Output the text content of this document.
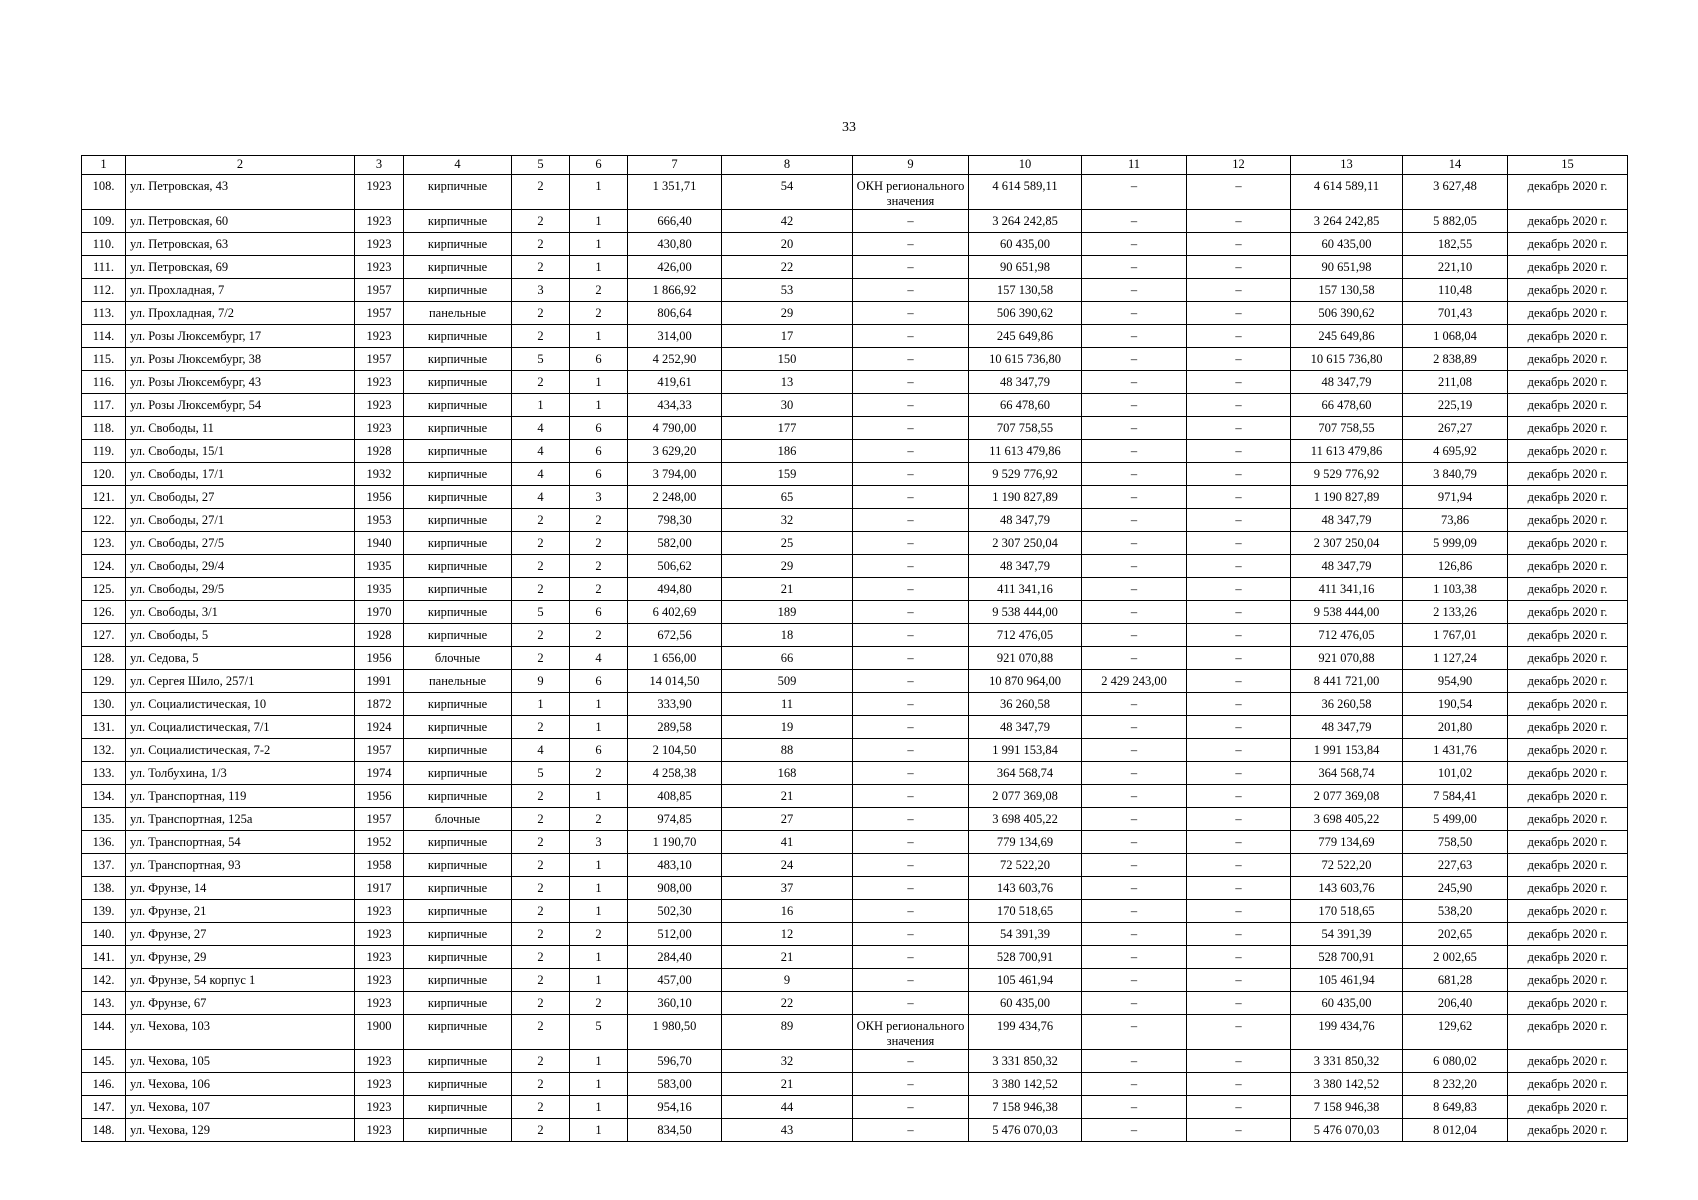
33
1	2	3	4	5	6	7	8	9	10	11	12	13	14	15
108.	ул. Петровская, 43	1923	кирпичные	2	1	1 351,71	54	ОКН регионального значения	4 614 589,11	–	–	4 614 589,11	3 627,48	декабрь 2020 г.
109.	ул. Петровская, 60	1923	кирпичные	2	1	666,40	42	–	3 264 242,85	–	–	3 264 242,85	5 882,05	декабрь 2020 г.
110.	ул. Петровская, 63	1923	кирпичные	2	1	430,80	20	–	60 435,00	–	–	60 435,00	182,55	декабрь 2020 г.
111.	ул. Петровская, 69	1923	кирпичные	2	1	426,00	22	–	90 651,98	–	–	90 651,98	221,10	декабрь 2020 г.
112.	ул. Прохладная, 7	1957	кирпичные	3	2	1 866,92	53	–	157 130,58	–	–	157 130,58	110,48	декабрь 2020 г.
113.	ул. Прохладная, 7/2	1957	панельные	2	2	806,64	29	–	506 390,62	–	–	506 390,62	701,43	декабрь 2020 г.
114.	ул. Розы Люксембург, 17	1923	кирпичные	2	1	314,00	17	–	245 649,86	–	–	245 649,86	1 068,04	декабрь 2020 г.
115.	ул. Розы Люксембург, 38	1957	кирпичные	5	6	4 252,90	150	–	10 615 736,80	–	–	10 615 736,80	2 838,89	декабрь 2020 г.
116.	ул. Розы Люксембург, 43	1923	кирпичные	2	1	419,61	13	–	48 347,79	–	–	48 347,79	211,08	декабрь 2020 г.
117.	ул. Розы Люксембург, 54	1923	кирпичные	1	1	434,33	30	–	66 478,60	–	–	66 478,60	225,19	декабрь 2020 г.
118.	ул. Свободы, 11	1923	кирпичные	4	6	4 790,00	177	–	707 758,55	–	–	707 758,55	267,27	декабрь 2020 г.
119.	ул. Свободы, 15/1	1928	кирпичные	4	6	3 629,20	186	–	11 613 479,86	–	–	11 613 479,86	4 695,92	декабрь 2020 г.
120.	ул. Свободы, 17/1	1932	кирпичные	4	6	3 794,00	159	–	9 529 776,92	–	–	9 529 776,92	3 840,79	декабрь 2020 г.
121.	ул. Свободы, 27	1956	кирпичные	4	3	2 248,00	65	–	1 190 827,89	–	–	1 190 827,89	971,94	декабрь 2020 г.
122.	ул. Свободы, 27/1	1953	кирпичные	2	2	798,30	32	–	48 347,79	–	–	48 347,79	73,86	декабрь 2020 г.
123.	ул. Свободы, 27/5	1940	кирпичные	2	2	582,00	25	–	2 307 250,04	–	–	2 307 250,04	5 999,09	декабрь 2020 г.
124.	ул. Свободы, 29/4	1935	кирпичные	2	2	506,62	29	–	48 347,79	–	–	48 347,79	126,86	декабрь 2020 г.
125.	ул. Свободы, 29/5	1935	кирпичные	2	2	494,80	21	–	411 341,16	–	–	411 341,16	1 103,38	декабрь 2020 г.
126.	ул. Свободы, 3/1	1970	кирпичные	5	6	6 402,69	189	–	9 538 444,00	–	–	9 538 444,00	2 133,26	декабрь 2020 г.
127.	ул. Свободы, 5	1928	кирпичные	2	2	672,56	18	–	712 476,05	–	–	712 476,05	1 767,01	декабрь 2020 г.
128.	ул. Седова, 5	1956	блочные	2	4	1 656,00	66	–	921 070,88	–	–	921 070,88	1 127,24	декабрь 2020 г.
129.	ул. Сергея Шило, 257/1	1991	панельные	9	6	14 014,50	509	–	10 870 964,00	2 429 243,00	–	8 441 721,00	954,90	декабрь 2020 г.
130.	ул. Социалистическая, 10	1872	кирпичные	1	1	333,90	11	–	36 260,58	–	–	36 260,58	190,54	декабрь 2020 г.
131.	ул. Социалистическая, 7/1	1924	кирпичные	2	1	289,58	19	–	48 347,79	–	–	48 347,79	201,80	декабрь 2020 г.
132.	ул. Социалистическая, 7-2	1957	кирпичные	4	6	2 104,50	88	–	1 991 153,84	–	–	1 991 153,84	1 431,76	декабрь 2020 г.
133.	ул. Толбухина, 1/3	1974	кирпичные	5	2	4 258,38	168	–	364 568,74	–	–	364 568,74	101,02	декабрь 2020 г.
134.	ул. Транспортная, 119	1956	кирпичные	2	1	408,85	21	–	2 077 369,08	–	–	2 077 369,08	7 584,41	декабрь 2020 г.
135.	ул. Транспортная, 125а	1957	блочные	2	2	974,85	27	–	3 698 405,22	–	–	3 698 405,22	5 499,00	декабрь 2020 г.
136.	ул. Транспортная, 54	1952	кирпичные	2	3	1 190,70	41	–	779 134,69	–	–	779 134,69	758,50	декабрь 2020 г.
137.	ул. Транспортная, 93	1958	кирпичные	2	1	483,10	24	–	72 522,20	–	–	72 522,20	227,63	декабрь 2020 г.
138.	ул. Фрунзе, 14	1917	кирпичные	2	1	908,00	37	–	143 603,76	–	–	143 603,76	245,90	декабрь 2020 г.
139.	ул. Фрунзе, 21	1923	кирпичные	2	1	502,30	16	–	170 518,65	–	–	170 518,65	538,20	декабрь 2020 г.
140.	ул. Фрунзе, 27	1923	кирпичные	2	2	512,00	12	–	54 391,39	–	–	54 391,39	202,65	декабрь 2020 г.
141.	ул. Фрунзе, 29	1923	кирпичные	2	1	284,40	21	–	528 700,91	–	–	528 700,91	2 002,65	декабрь 2020 г.
142.	ул. Фрунзе, 54 корпус 1	1923	кирпичные	2	1	457,00	9	–	105 461,94	–	–	105 461,94	681,28	декабрь 2020 г.
143.	ул. Фрунзе, 67	1923	кирпичные	2	2	360,10	22	–	60 435,00	–	–	60 435,00	206,40	декабрь 2020 г.
144.	ул. Чехова, 103	1900	кирпичные	2	5	1 980,50	89	ОКН регионального значения	199 434,76	–	–	199 434,76	129,62	декабрь 2020 г.
145.	ул. Чехова, 105	1923	кирпичные	2	1	596,70	32	–	3 331 850,32	–	–	3 331 850,32	6 080,02	декабрь 2020 г.
146.	ул. Чехова, 106	1923	кирпичные	2	1	583,00	21	–	3 380 142,52	–	–	3 380 142,52	8 232,20	декабрь 2020 г.
147.	ул. Чехова, 107	1923	кирпичные	2	1	954,16	44	–	7 158 946,38	–	–	7 158 946,38	8 649,83	декабрь 2020 г.
148.	ул. Чехова, 129	1923	кирпичные	2	1	834,50	43	–	5 476 070,03	–	–	5 476 070,03	8 012,04	декабрь 2020 г.
